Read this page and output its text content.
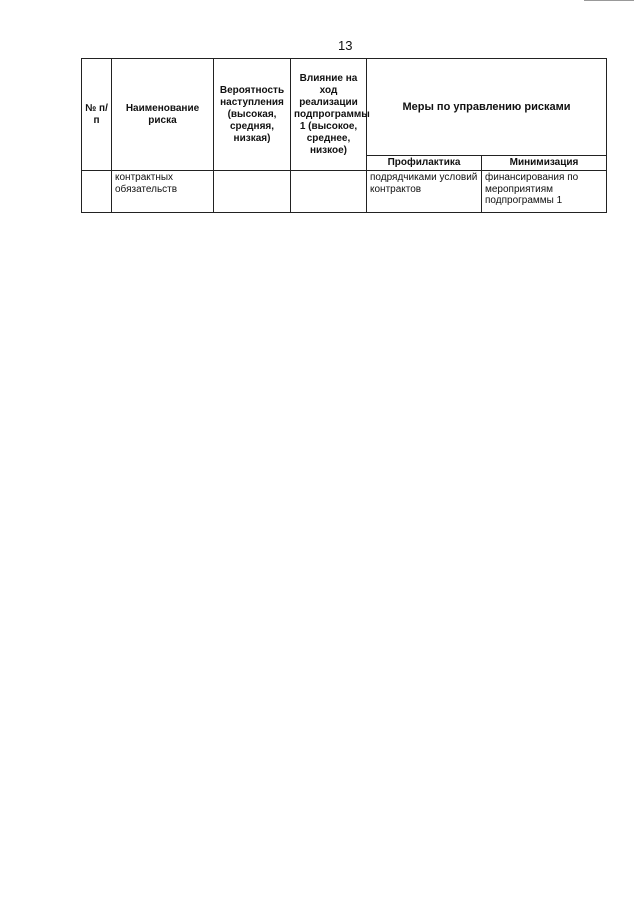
13
№ п/п	Наименование риска	Вероятность наступления (высокая, средняя, низкая)	Влияние на ход реализации подпрограммы 1 (высокое, среднее, низкое)	Меры по управлению рисками	
				Профилактика	Минимизация
	контрактных обязательств			подрядчиками условий контрактов	финансирования по мероприятиям подпрограммы 1
